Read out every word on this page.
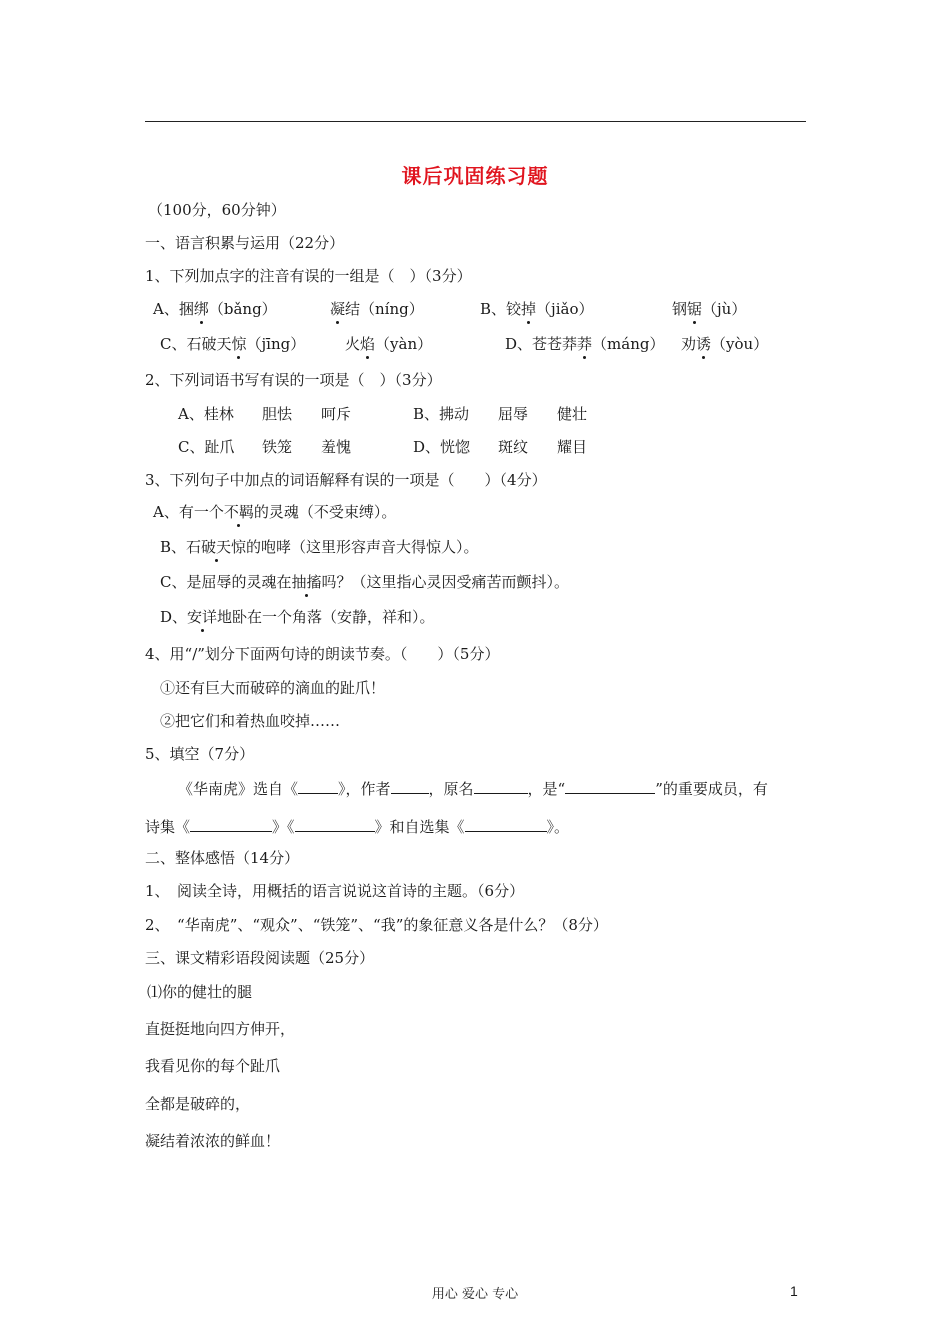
课后巩固练习题
（100分，60分钟）
一、语言积累与运用（22分）
1、下列加点字的注音有误的一组是（　）（3分）
A、捆绑（bǎng）	凝结（níng）	B、铰掉（jiǎo）	钢锯（jù）
C、石破天惊（jīng）	火焰（yàn）	D、苍苍莽莽（máng） 劝诱（yòu）
2、下列词语书写有误的一项是（　）（3分）
A、桂林 胆怯 呵斥	B、拂动 屈辱 健壮
C、趾爪 铁笼 羞愧	D、恍惚 斑纹 耀目
3、下列句子中加点的词语解释有误的一项是（　　）（4分）
A、有一个不羁的灵魂（不受束缚）。
B、石破天惊的咆哮（这里形容声音大得惊人）。
C、是屈辱的灵魂在抽搐吗？（这里指心灵因受痛苦而颤抖）。
D、安详地卧在一个角落（安静，祥和）。
4、用“/”划分下面两句诗的朗读节奏。（　　）（5分）
①还有巨大而破碎的滴血的趾爪！
②把它们和着热血咬掉……
5、填空（7分）
《华南虎》选自《	》，作者	，原名	，是“	”的重要成员，有
诗集《	》《	》和自选集《	》。
二、整体感悟（14分）
1、　阅读全诗，用概括的语言说说这首诗的主题。（6分）
2、　“华南虎”、“观众”、“铁笼”、“我”的象征意义各是什么？（8分）
三、课文精彩语段阅读题（25分）
⑴你的健壮的腿
直挺挺地向四方伸开，
我看见你的每个趾爪
全都是破碎的，
凝结着浓浓的鲜血！
用心 爱心 专心	1
